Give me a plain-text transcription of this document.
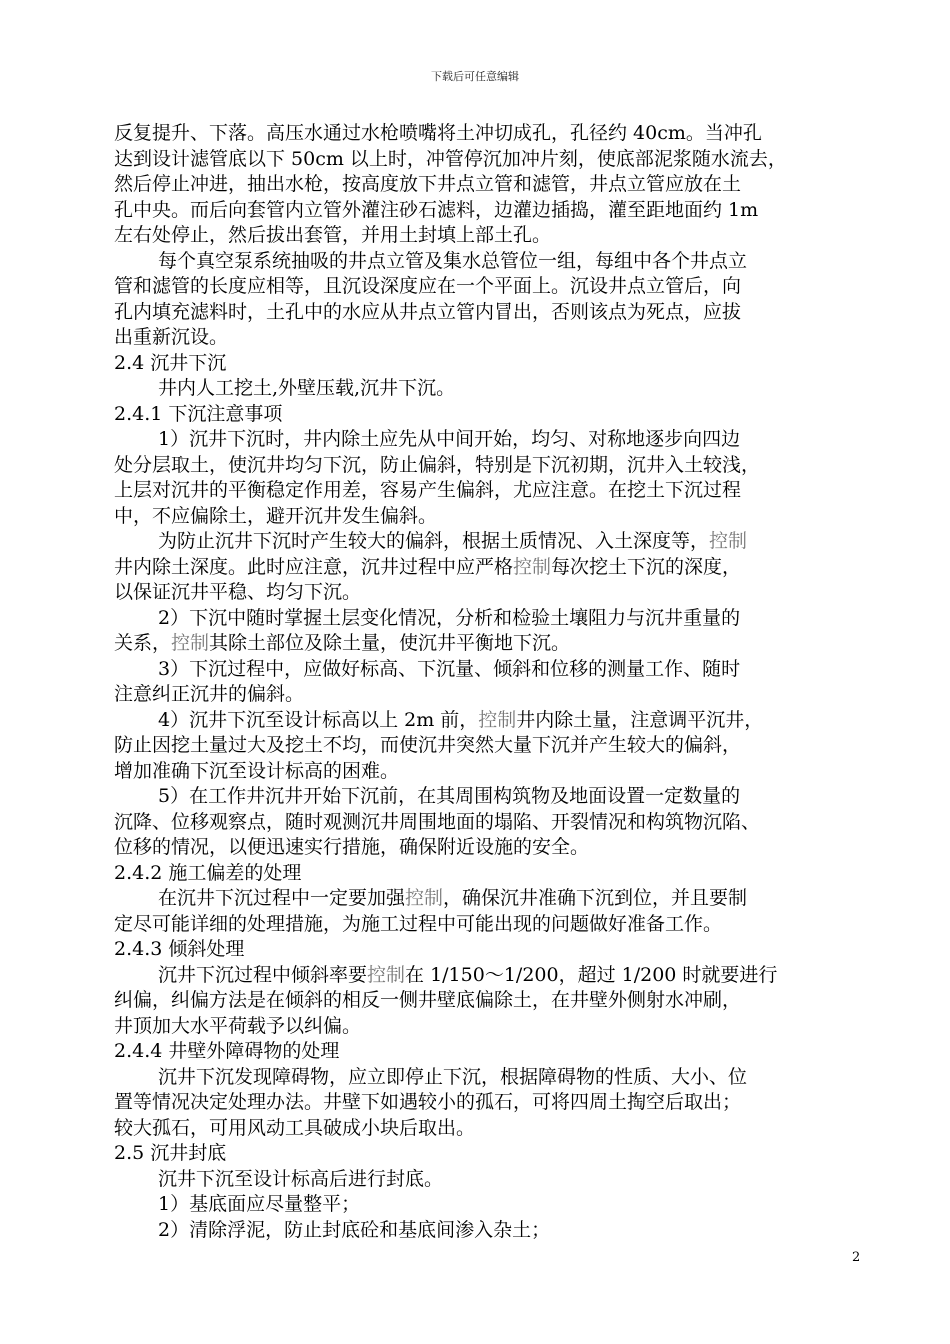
下载后可任意编辑
反复提升、下落。高压水通过水枪喷嘴将土冲切成孔，孔径约 40cm。当冲孔
达到设计滤管底以下 50cm 以上时，冲管停沉加冲片刻，使底部泥浆随水流去，
然后停止冲进，抽出水枪，按高度放下井点立管和滤管，井点立管应放在土
孔中央。而后向套管内立管外灌注砂石滤料，边灌边插捣，灌至距地面约 1m
左右处停止，然后拔出套管，并用土封填上部土孔。
每个真空泵系统抽吸的井点立管及集水总管位一组，每组中各个井点立
管和滤管的长度应相等，且沉设深度应在一个平面上。沉设井点立管后，向
孔内填充滤料时，土孔中的水应从井点立管内冒出，否则该点为死点，应拔
出重新沉设。
2.4 沉井下沉
井内人工挖土,外壁压载,沉井下沉。
2.4.1 下沉注意事项
1）沉井下沉时，井内除土应先从中间开始，均匀、对称地逐步向四边
处分层取土，使沉井均匀下沉，防止偏斜，特别是下沉初期，沉井入土较浅，
上层对沉井的平衡稳定作用差，容易产生偏斜，尤应注意。在挖土下沉过程
中，不应偏除土，避开沉井发生偏斜。
为防止沉井下沉时产生较大的偏斜，根据土质情况、入土深度等，控制
井内除土深度。此时应注意，沉井过程中应严格控制每次挖土下沉的深度，
以保证沉井平稳、均匀下沉。
2）下沉中随时掌握土层变化情况，分析和检验土壤阻力与沉井重量的
关系，控制其除土部位及除土量，使沉井平衡地下沉。
3）下沉过程中，应做好标高、下沉量、倾斜和位移的测量工作、随时
注意纠正沉井的偏斜。
4）沉井下沉至设计标高以上 2m 前，控制井内除土量，注意调平沉井，
防止因挖土量过大及挖土不均，而使沉井突然大量下沉并产生较大的偏斜，
增加准确下沉至设计标高的困难。
5）在工作井沉井开始下沉前，在其周围构筑物及地面设置一定数量的
沉降、位移观察点，随时观测沉井周围地面的塌陷、开裂情况和构筑物沉陷、
位移的情况，以便迅速实行措施，确保附近设施的安全。
2.4.2 施工偏差的处理
在沉井下沉过程中一定要加强控制，确保沉井准确下沉到位，并且要制
定尽可能详细的处理措施，为施工过程中可能出现的问题做好准备工作。
2.4.3 倾斜处理
沉井下沉过程中倾斜率要控制在 1/150～1/200，超过 1/200 时就要进行
纠偏，纠偏方法是在倾斜的相反一侧井壁底偏除土，在井壁外侧射水冲刷，
井顶加大水平荷载予以纠偏。
2.4.4 井壁外障碍物的处理
沉井下沉发现障碍物，应立即停止下沉，根据障碍物的性质、大小、位
置等情况决定处理办法。井壁下如遇较小的孤石，可将四周土掏空后取出；
较大孤石，可用风动工具破成小块后取出。
2.5 沉井封底
沉井下沉至设计标高后进行封底。
1）基底面应尽量整平；
2）清除浮泥，防止封底砼和基底间渗入杂土；
2
